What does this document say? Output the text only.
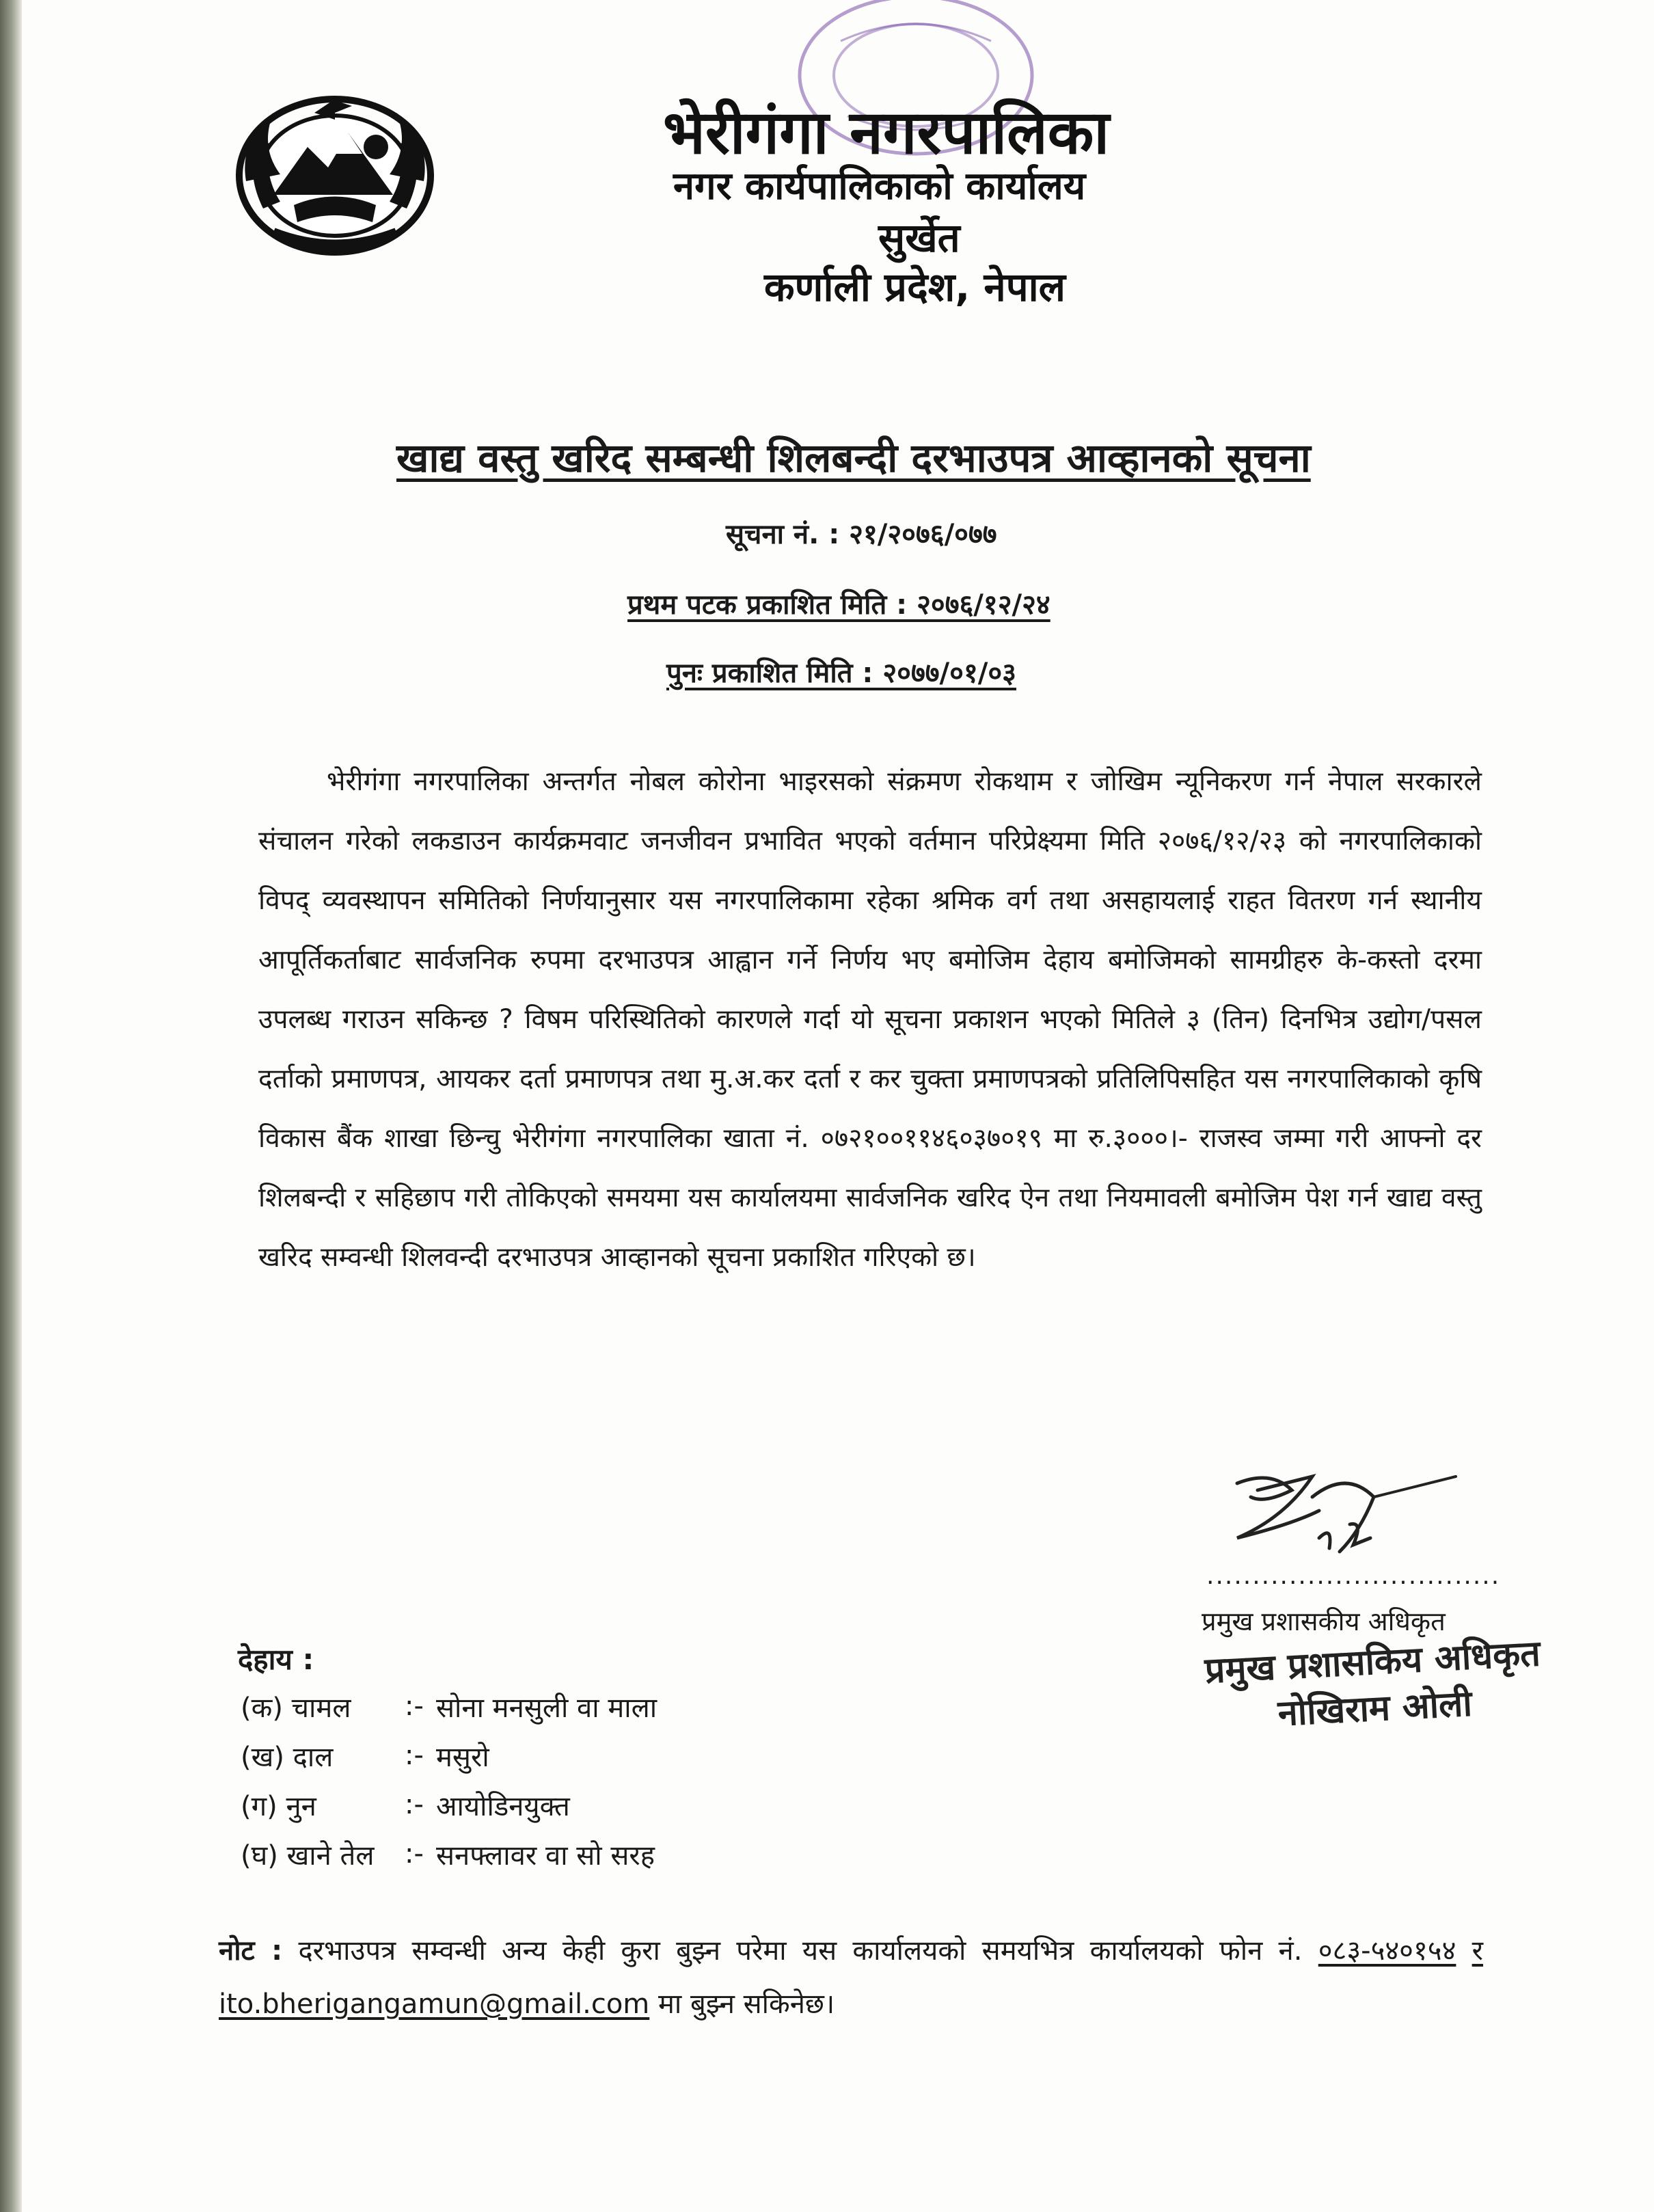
भेरीगंगा नगरपालिका
नगर कार्यपालिकाको कार्यालय
सुर्खेत
कर्णाली प्रदेश, नेपाल
खाद्य वस्तु खरिद सम्बन्धी शिलबन्दी दरभाउपत्र आव्हानको सूचना
सूचना नं. : २१/२०७६/०७७
प्रथम पटक प्रकाशित मिति : २०७६/१२/२४
पुनः प्रकाशित मिति : २०७७/०१/०३
भेरीगंगा नगरपालिका अन्तर्गत नोबल कोरोना भाइरसको संक्रमण रोकथाम र जोखिम न्यूनिकरण गर्न नेपाल सरकारले संचालन गरेको लकडाउन कार्यक्रमवाट जनजीवन प्रभावित भएको वर्तमान परिप्रेक्ष्यमा मिति २०७६/१२/२३ को नगरपालिकाको विपद् व्यवस्थापन समितिको निर्णयानुसार यस नगरपालिकामा रहेका श्रमिक वर्ग तथा असहायलाई राहत वितरण गर्न स्थानीय आपूर्तिकर्ताबाट सार्वजनिक रुपमा दरभाउपत्र आह्वान गर्ने निर्णय भए बमोजिम देहाय बमोजिमको सामग्रीहरु के-कस्तो दरमा उपलब्ध गराउन सकिन्छ ? विषम परिस्थितिको कारणले गर्दा यो सूचना प्रकाशन भएको मितिले ३ (तिन) दिनभित्र उद्योग/पसल दर्ताको प्रमाणपत्र, आयकर दर्ता प्रमाणपत्र तथा मु.अ.कर दर्ता र कर चुक्ता प्रमाणपत्रको प्रतिलिपिसहित यस नगरपालिकाको कृषि विकास बैंक शाखा छिन्चु भेरीगंगा नगरपालिका खाता नं. ०७२१००११४६०३७०१९ मा रु.३०००।- राजस्व जम्मा गरी आफ्नो दर शिलबन्दी र सहिछाप गरी तोकिएको समयमा यस कार्यालयमा सार्वजनिक खरिद ऐन तथा नियमावली बमोजिम पेश गर्न खाद्य वस्तु खरिद सम्वन्धी शिलवन्दी दरभाउपत्र आव्हानको सूचना प्रकाशित गरिएको छ।
................................
प्रमुख प्रशासकीय अधिकृत
प्रमुख प्रशासकिय अधिकृत
नोखिराम ओली
देहाय :
(क) चामल	:- सोना मनसुली वा माला
(ख) दाल	:- मसुरो
(ग) नुन	:- आयोडिनयुक्त
(घ) खाने तेल	:- सनफ्लावर वा सो सरह
नोट : दरभाउपत्र सम्वन्धी अन्य केही कुरा बुझ्न परेमा यस कार्यालयको समयभित्र कार्यालयको फोन नं. ०८३-५४०१५४ र ito.bherigangamun@gmail.com मा बुझ्न सकिनेछ।
